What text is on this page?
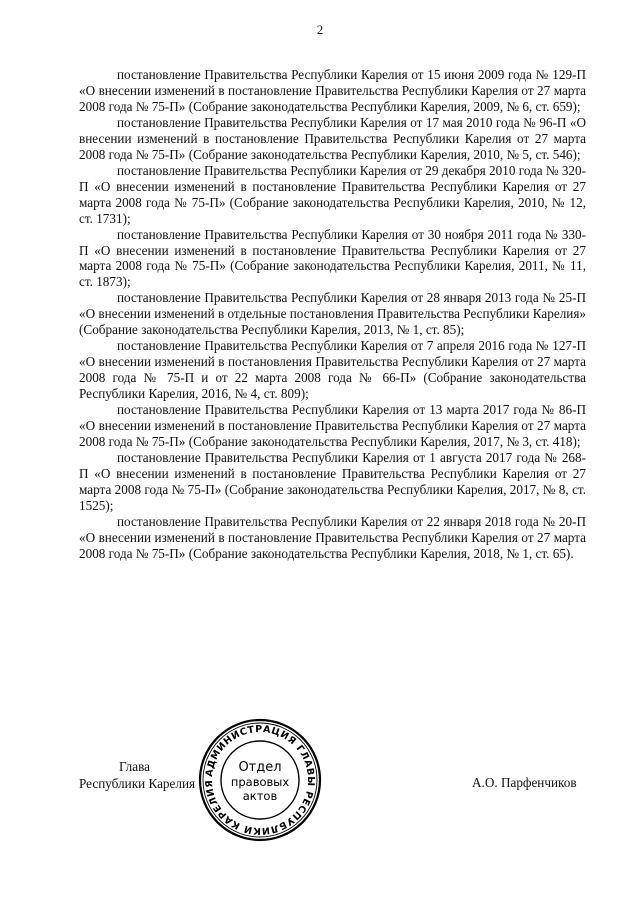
2

постановление Правительства Республики Карелия от 15 июня 2009 года № 129-П «О внесении изменений в постановление Правительства Республики Карелия от 27 марта 2008 года № 75-П» (Собрание законодательства Республики Карелия, 2009, № 6, ст. 659);

постановление Правительства Республики Карелия от 17 мая 2010 года № 96-П «О внесении изменений в постановление Правительства Республики Карелия от 27 марта 2008 года № 75-П» (Собрание законодательства Республики Карелия, 2010, № 5, ст. 546);

постановление Правительства Республики Карелия от 29 декабря 2010 года № 320-П «О внесении изменений в постановление Правительства Республики Карелия от 27 марта 2008 года № 75-П» (Собрание законодательства Республики Карелия, 2010, № 12, ст. 1731);

постановление Правительства Республики Карелия от 30 ноября 2011 года № 330-П «О внесении изменений в постановление Правительства Республики Карелия от 27 марта 2008 года № 75-П» (Собрание законодательства Республики Карелия, 2011, № 11, ст. 1873);

постановление Правительства Республики Карелия от 28 января 2013 года № 25-П «О внесении изменений в отдельные постановления Правительства Республики Карелия» (Собрание законодательства Республики Карелия, 2013, № 1, ст. 85);

постановление Правительства Республики Карелия от 7 апреля 2016 года № 127-П «О внесении изменений в постановления Правительства Республики Карелия от 27 марта 2008 года № 75-П и от 22 марта 2008 года № 66-П» (Собрание законодательства Республики Карелия, 2016, № 4, ст. 809);

постановление Правительства Республики Карелия от 13 марта 2017 года № 86-П «О внесении изменений в постановление Правительства Республики Карелия от 27 марта 2008 года № 75-П» (Собрание законодательства Республики Карелия, 2017, № 3, ст. 418);

постановление Правительства Республики Карелия от 1 августа 2017 года № 268-П «О внесении изменений в постановление Правительства Республики Карелия от 27 марта 2008 года № 75-П» (Собрание законодательства Республики Карелия, 2017, № 8, ст. 1525);

постановление Правительства Республики Карелия от 22 января 2018 года № 20-П «О внесении изменений в постановление Правительства Республики Карелия от 27 марта 2008 года № 75-П» (Собрание законодательства Республики Карелия, 2018, № 1, ст. 65).

Глава
Республики Карелия	А.О. Парфенчиков
АДМИНИСТРАЦИЯ ГЛАВЫ РЕСПУБЛИКИ КАРЕЛИЯ
Отдел
правовых
актов
